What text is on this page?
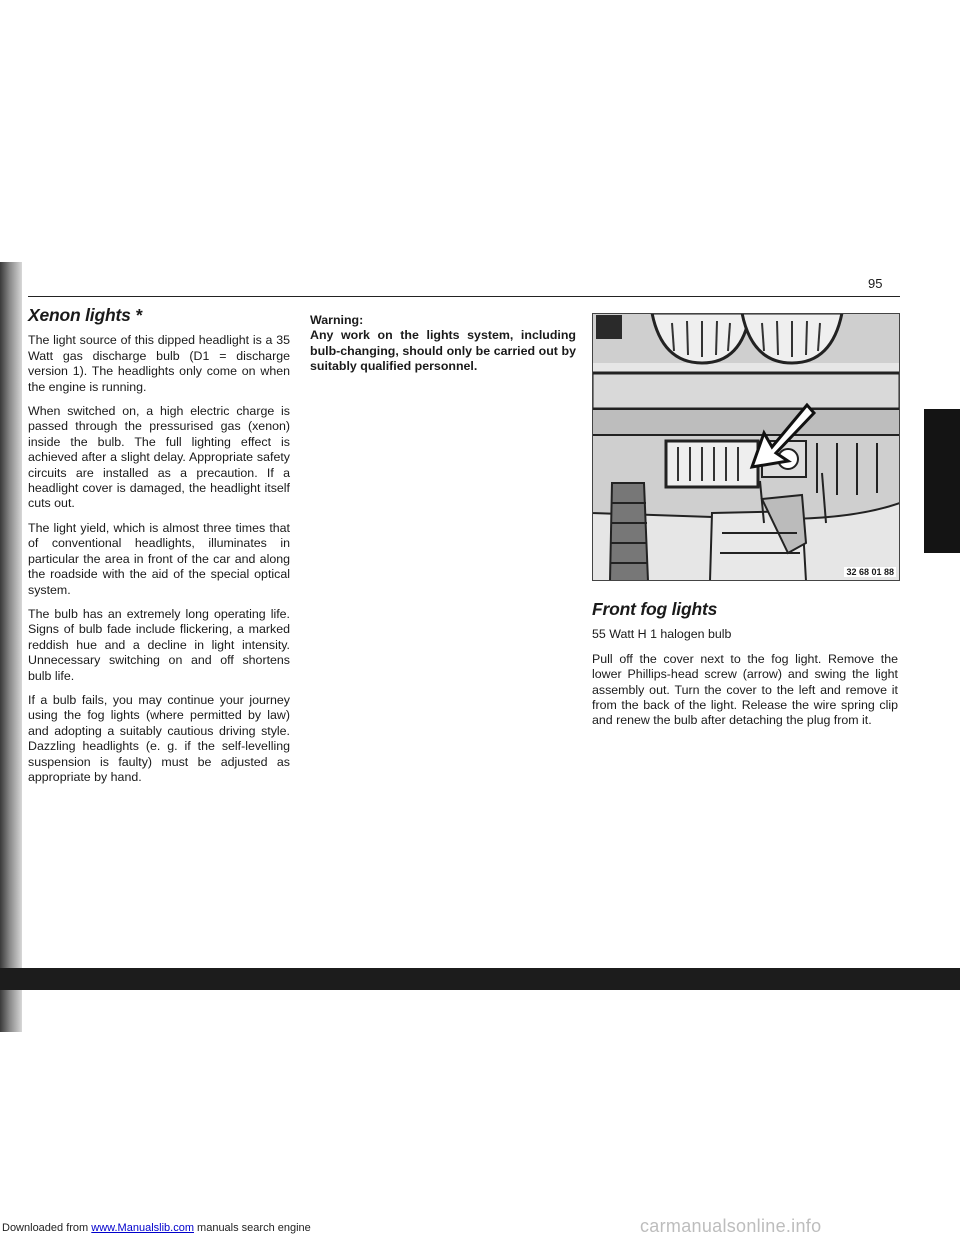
95
Xenon lights *

The light source of this dipped headlight is a 35 Watt gas discharge bulb (D1 = discharge version 1). The headlights only come on when the engine is running.

When switched on, a high electric charge is passed through the pressurised gas (xenon) inside the bulb. The full lighting effect is achieved after a slight delay. Appropriate safety circuits are installed as a precaution. If a headlight cover is damaged, the headlight itself cuts out.

The light yield, which is almost three times that of conventional headlights, illuminates in particular the area in front of the car and along the roadside with the aid of the special optical system.

The bulb has an extremely long operating life. Signs of bulb fade include flickering, a marked reddish hue and a decline in light intensity. Unnecessary switching on and off shortens bulb life.

If a bulb fails, you may continue your journey using the fog lights (where permitted by law) and adopting a suitably cautious driving style. Dazzling headlights (e. g. if the self-levelling suspension is faulty) must be adjusted as appropriate by hand.

Warning:
Any work on the lights system, including bulb-changing, should only be carried out by suitably qualified personnel.
32 68 01 88
Front fog lights

55 Watt H 1 halogen bulb

Pull off the cover next to the fog light. Remove the lower Phillips-head screw (arrow) and swing the light assembly out. Turn the cover to the left and remove it from the back of the light. Release the wire spring clip and renew the bulb after detaching the plug from it.

Downloaded from www.Manualslib.com manuals search engine	carmanualsonline.info
